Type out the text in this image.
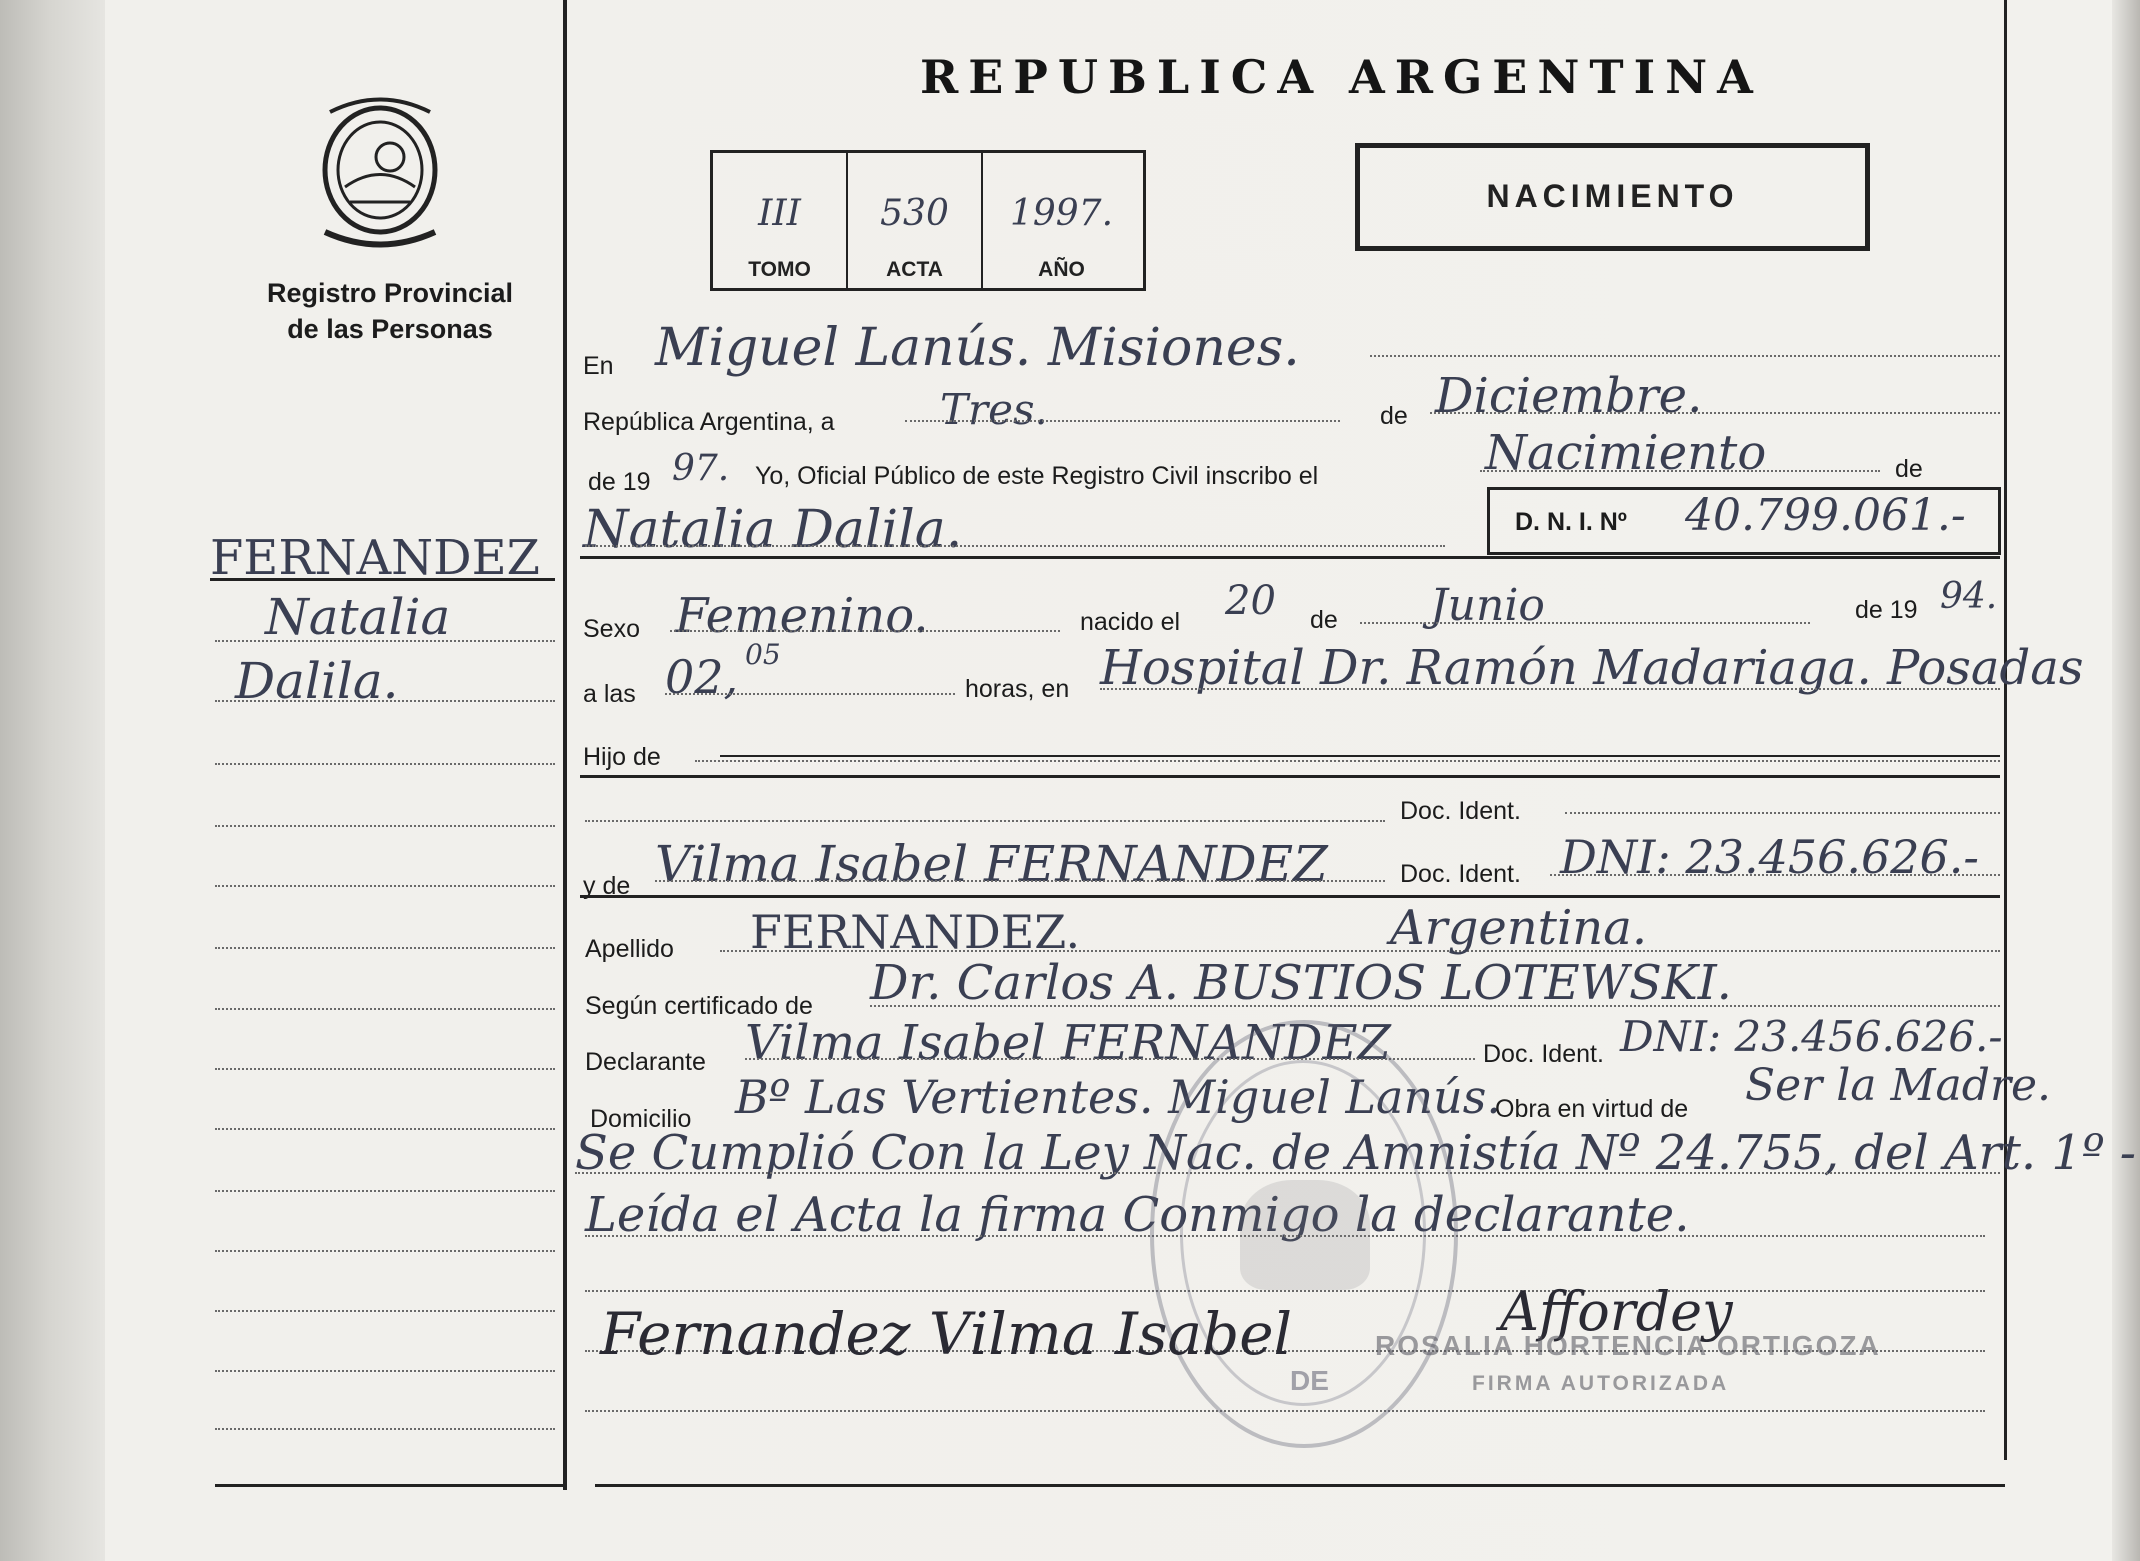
Registro Provincial
de las Personas
REPUBLICA ARGENTINA
III
TOMO
530
ACTA
1997.
AÑO
NACIMIENTO
FERNANDEZ
Natalia
Dalila.
En Miguel Lanús. Misiones.
República Argentina, a	Tres.	de Diciembre.
de 19 97. Yo, Oficial Público de este Registro Civil inscribo el	Nacimiento	de
Natalia Dalila.	D. N. I. Nº 40.799.061.-
Sexo Femenino.	nacido el 20 de Junio	de 19 94.
a las 02, 05
horas, en Hospital Dr. Ramón Madariaga. Posadas
Hijo de
Doc. Ident.
y de Vilma Isabel FERNANDEZ	Doc. Ident. DNI: 23.456.626.-
Apellido FERNANDEZ.	Argentina.
Según certificado de Dr. Carlos A. BUSTIOS LOTEWSKI.
Declarante Vilma Isabel FERNANDEZ	Doc. Ident. DNI: 23.456.626.-
Domicilio Bº Las Vertientes. Miguel Lanús.
Obra en virtud de Ser la Madre.
Se Cumplió Con la Ley Nac. de Amnistía Nº 24.755, del Art. 1º -
Leída el Acta la firma Conmigo la declarante.
DE
Fernandez Vilma Isabel	Affordey
ROSALIA HORTENCIA ORTIGOZA
FIRMA AUTORIZADA
